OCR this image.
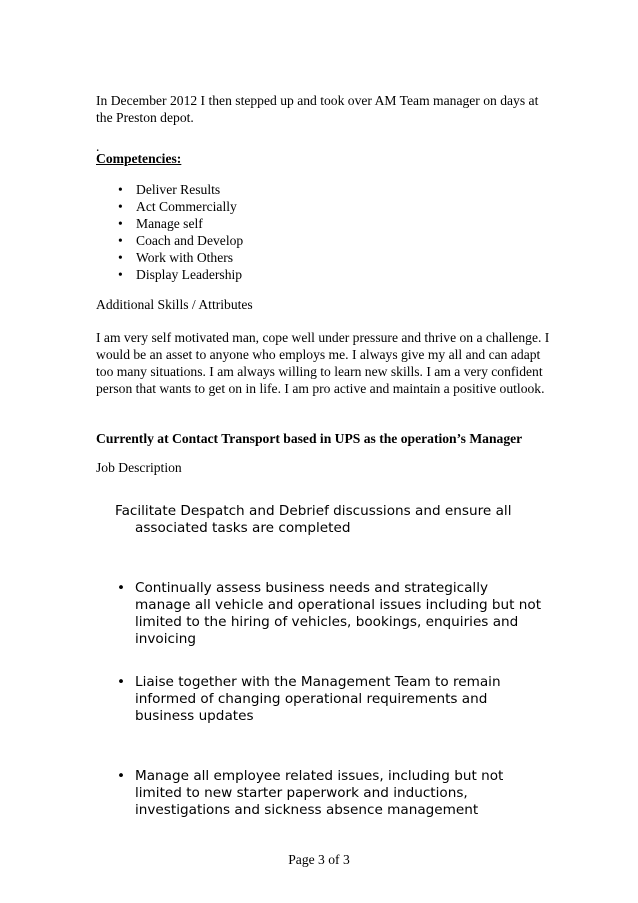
In December 2012 I then stepped up and took over AM Team manager on days at the Preston depot.
.
Competencies:
• Deliver Results
• Act Commercially
• Manage self
• Coach and Develop
• Work with Others
• Display Leadership
Additional Skills / Attributes
I am very self motivated man, cope well under pressure and thrive on a challenge. I would be an asset to anyone who employs me. I always give my all and can adapt too many situations. I am always willing to learn new skills. I am a very confident person that wants to get on in life. I am pro active and maintain a positive outlook.
Currently at Contact Transport based in UPS as the operation’s Manager
Job Description
Facilitate Despatch and Debrief discussions and ensure all
associated tasks are completed
• Continually assess business needs and strategically manage all vehicle and operational issues including but not limited to the hiring of vehicles, bookings, enquiries and invoicing
• Liaise together with the Management Team to remain informed of changing operational requirements and business updates
• Manage all employee related issues, including but not limited to new starter paperwork and inductions, investigations and sickness absence management
Page 3 of 3
